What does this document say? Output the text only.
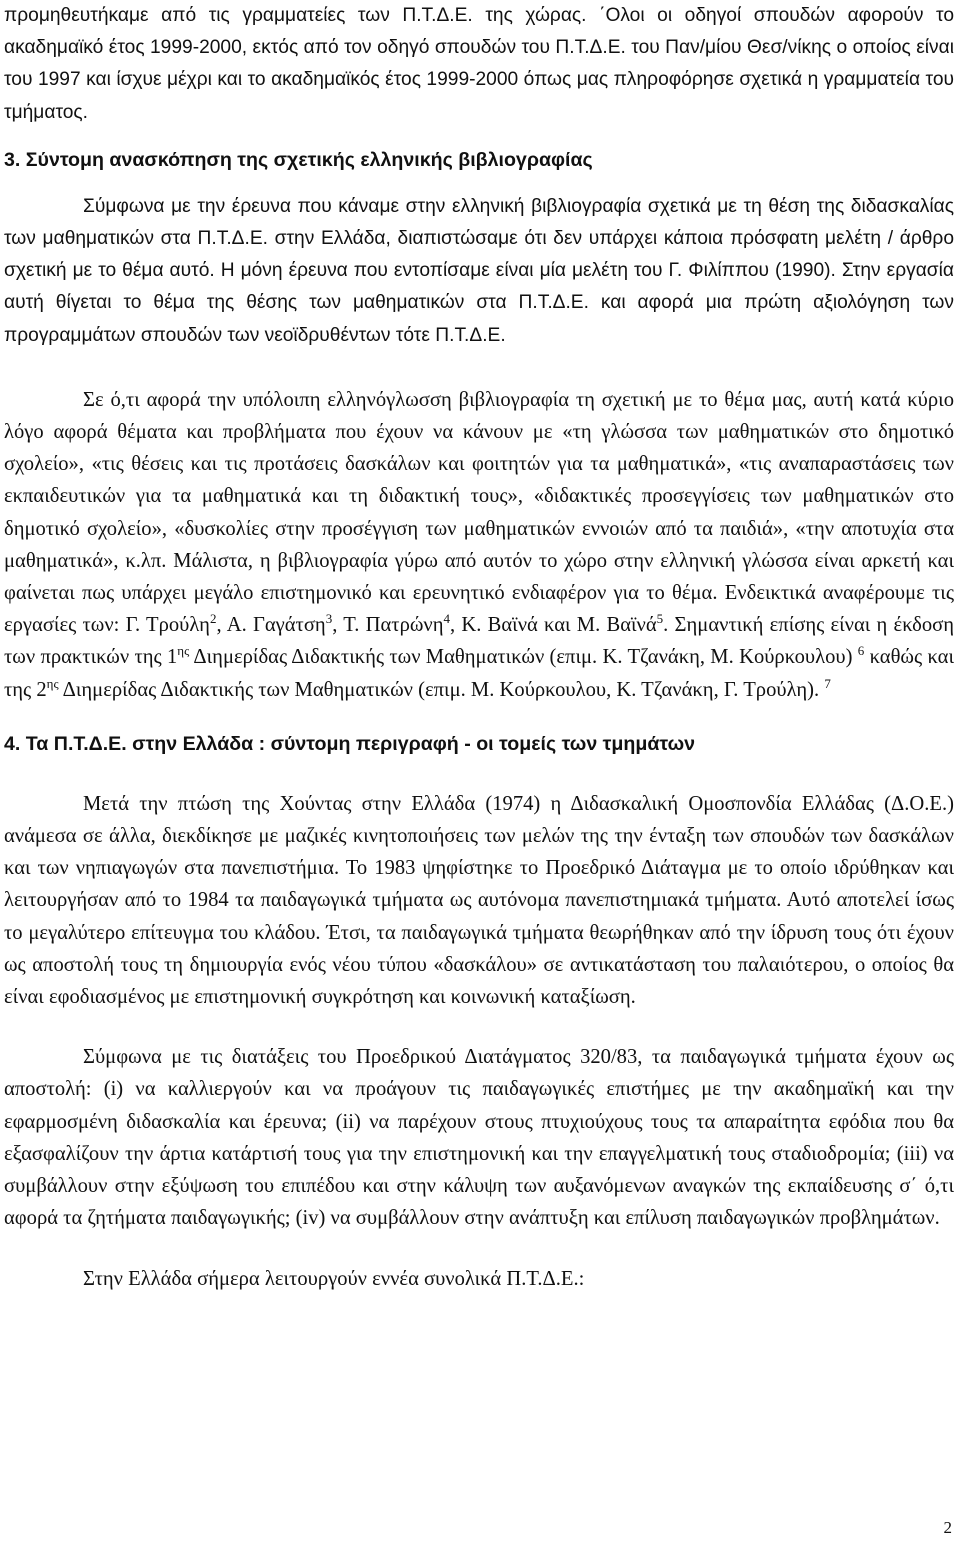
προμηθευτήκαμε από τις γραμματείες των Π.Τ.Δ.Ε. της χώρας. ΄Ολοι οι οδηγοί σπουδών αφορούν το ακαδημαϊκό έτος 1999-2000, εκτός από τον οδηγό σπουδών του Π.Τ.Δ.Ε. του Παν/μίου Θεσ/νίκης ο οποίος είναι του 1997 και ίσχυε μέχρι και το ακαδημαϊκός έτος 1999-2000 όπως μας πληροφόρησε σχετικά η γραμματεία του τμήματος.

3. Σύντομη ανασκόπηση της σχετικής ελληνικής βιβλιογραφίας

Σύμφωνα με την έρευνα που κάναμε στην ελληνική βιβλιογραφία σχετικά με τη θέση της διδασκαλίας των μαθηματικών στα Π.Τ.Δ.Ε. στην Ελλάδα, διαπιστώσαμε ότι δεν υπάρχει κάποια πρόσφατη μελέτη / άρθρο σχετική με το θέμα αυτό. Η μόνη έρευνα που εντοπίσαμε είναι μία μελέτη του Γ. Φιλίππου (1990). Στην εργασία αυτή θίγεται το θέμα της θέσης των μαθηματικών στα Π.Τ.Δ.Ε. και αφορά μια πρώτη αξιολόγηση των προγραμμάτων σπουδών των νεοϊδρυθέντων τότε Π.Τ.Δ.Ε.

Σε ό,τι αφορά την υπόλοιπη ελληνόγλωσση βιβλιογραφία τη σχετική με το θέμα μας, αυτή κατά κύριο λόγο αφορά θέματα και προβλήματα που έχουν να κάνουν με «τη γλώσσα των μαθηματικών στο δημοτικό σχολείο», «τις θέσεις και τις προτάσεις δασκάλων και φοιτητών για τα μαθηματικά», «τις αναπαραστάσεις των εκπαιδευτικών για τα μαθηματικά και τη διδακτική τους», «διδακτικές προσεγγίσεις των μαθηματικών στο δημοτικό σχολείο», «δυσκολίες στην προσέγγιση των μαθηματικών εννοιών από τα παιδιά», «την αποτυχία στα μαθηματικά», κ.λπ. Μάλιστα, η βιβλιογραφία γύρω από αυτόν το χώρο στην ελληνική γλώσσα είναι αρκετή και φαίνεται πως υπάρχει μεγάλο επιστημονικό και ερευνητικό ενδιαφέρον για το θέμα. Ενδεικτικά αναφέρουμε τις εργασίες των: Γ. Τρούλη$^2$, Α. Γαγάτση$^3$, Τ. Πατρώνη$^4$, Κ. Βαϊνά και Μ. Βαϊνά$^5$. Σημαντική επίσης είναι η έκδοση των πρακτικών της $1^{\eta\varsigma}$ Διημερίδας Διδακτικής των Μαθηματικών (επιμ. Κ. Τζανάκη, Μ. Κούρκουλου) $^6$ καθώς και της $2^{\eta\varsigma}$ Διημερίδας Διδακτικής των Μαθηματικών (επιμ. Μ. Κούρκουλου, Κ. Τζανάκη, Γ. Τρούλη). $^7$

4. Τα Π.Τ.Δ.Ε. στην Ελλάδα : σύντομη περιγραφή - οι τομείς των τμημάτων

Μετά την πτώση της Χούντας στην Ελλάδα (1974) η Διδασκαλική Ομοσπονδία Ελλάδας (Δ.Ο.Ε.) ανάμεσα σε άλλα, διεκδίκησε με μαζικές κινητοποιήσεις των μελών της την ένταξη των σπουδών των δασκάλων και των νηπιαγωγών στα πανεπιστήμια. Το 1983 ψηφίστηκε το Προεδρικό Διάταγμα με το οποίο ιδρύθηκαν και λειτουργήσαν από το 1984 τα παιδαγωγικά τμήματα ως αυτόνομα πανεπιστημιακά τμήματα. Αυτό αποτελεί ίσως το μεγαλύτερο επίτευγμα του κλάδου. Έτσι, τα παιδαγωγικά τμήματα θεωρήθηκαν από την ίδρυση τους ότι έχουν ως αποστολή τους τη δημιουργία ενός νέου τύπου «δασκάλου» σε αντικατάσταση του παλαιότερου, ο οποίος θα είναι εφοδιασμένος με επιστημονική συγκρότηση και κοινωνική καταξίωση.

Σύμφωνα με τις διατάξεις του Προεδρικού Διατάγματος 320/83, τα παιδαγωγικά τμήματα έχουν ως αποστολή: (i) να καλλιεργούν και να προάγουν τις παιδαγωγικές επιστήμες με την ακαδημαϊκή και την εφαρμοσμένη διδασκαλία και έρευνα; (ii) να παρέχουν στους πτυχιούχους τους τα απαραίτητα εφόδια που θα εξασφαλίζουν την άρτια κατάρτισή τους για την επιστημονική και την επαγγελματική τους σταδιοδρομία; (iii) να συμβάλλουν στην εξύψωση του επιπέδου και στην κάλυψη των αυξανόμενων αναγκών της εκπαίδευσης σ΄ ό,τι αφορά τα ζητήματα παιδαγωγικής; (iv) να συμβάλλουν στην ανάπτυξη και επίλυση παιδαγωγικών προβλημάτων.

Στην Ελλάδα σήμερα λειτουργούν εννέα συνολικά Π.Τ.Δ.Ε.:

2
